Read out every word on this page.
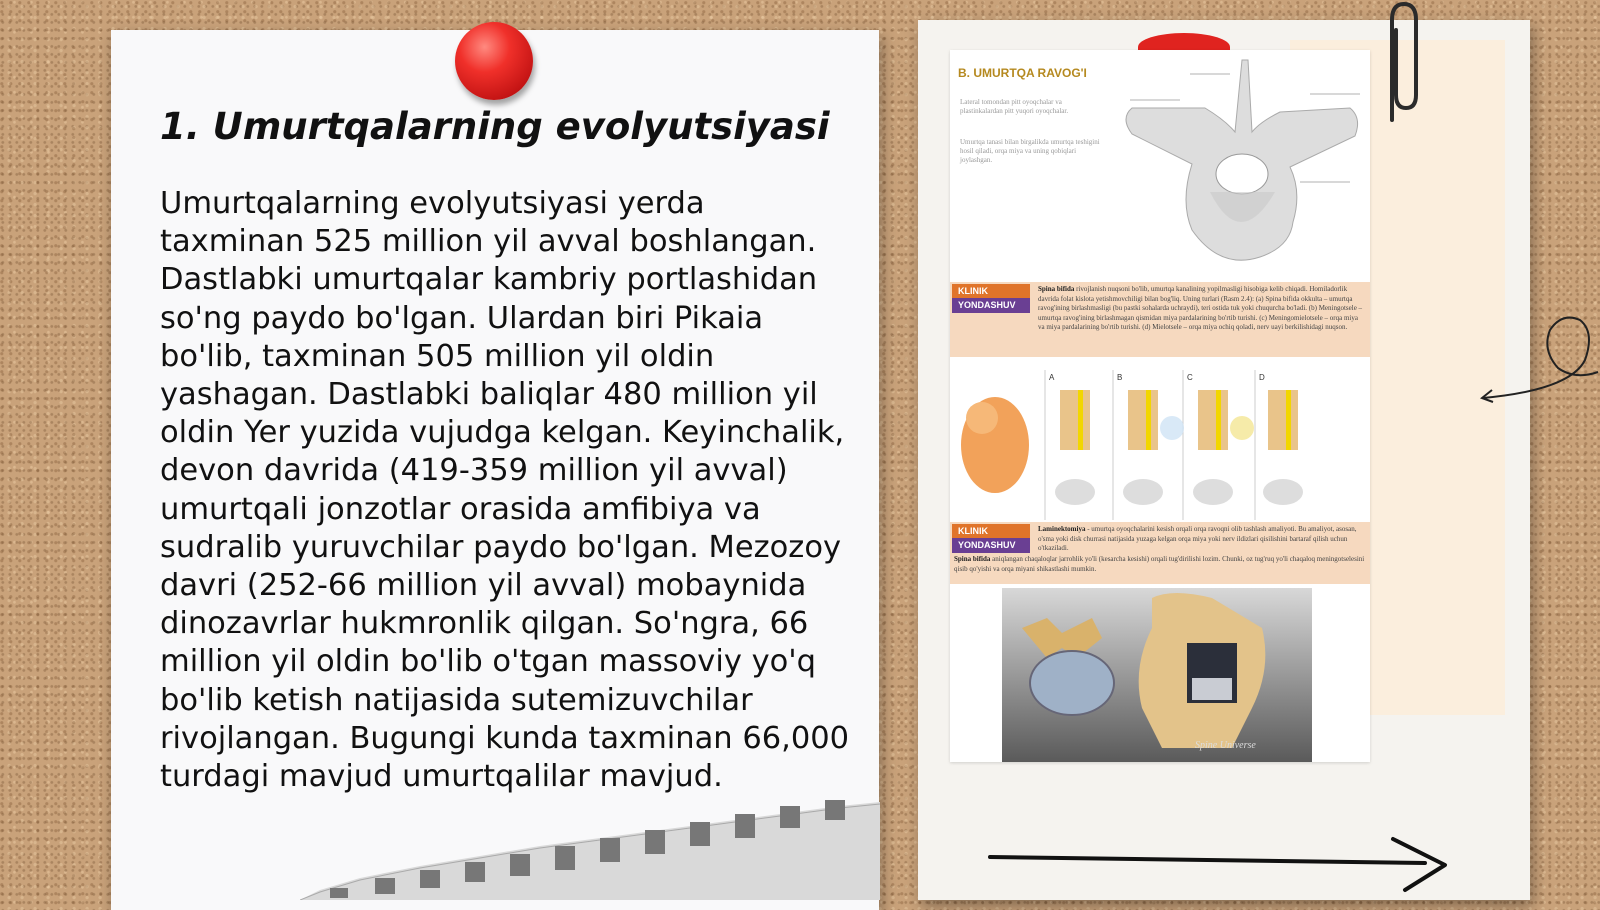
1. Umurtqalarning evolyutsiyasi

Umurtqalarning evolyutsiyasi yerda taxminan 525 million yil avval boshlangan. Dastlabki umurtqalar kambriy portlashidan so'ng paydo bo'lgan. Ulardan biri Pikaia bo'lib, taxminan 505 million yil oldin yashagan. Dastlabki baliqlar 480 million yil oldin Yer yuzida vujudga kelgan. Keyinchalik, devon davrida (419-359 million yil avval) umurtqali jonzotlar orasida amfibiya va sudralib yuruvchilar paydo bo'lgan. Mezozoy davri (252-66 million yil avval) mobaynida dinozavrlar hukmronlik qilgan. So'ngra, 66 million yil oldin bo'lib o'tgan massoviy yo'q bo'lib ketish natijasida sutemizuvchilar rivojlangan. Bugungi kunda taxminan 66,000 turdagi mavjud umurtqalilar mavjud.

B. UMURTQA RAVOG'I
Lateral tomondan pitt oyoqchalar va plastinkalardan pitt yuqori oyoqchalar.
Umurtqa tanasi bilan birgalikda umurtqa teshigini hosil qiladi, orqa miya va uning qobiqlari joylashgan.
KLINIK
YONDASHUV
Spina bifida rivojlanish nuqsoni bo'lib, umurtqa kanalining yopilmasligi hisobiga kelib chiqadi. Homiladorlik davrida folat kislota yetishmovchiligi bilan bog'liq. Uning turlari (Rasm 2.4): (a) Spina bifida okkulta – umurtqa ravog'ining birlashmasligi (bu pastki sohalarda uchraydi), teri ostida tuk yoki chuqurcha bo'ladi. (b) Meningotsele – umurtqa ravog'ining birlashmagan qismidan miya pardalarining bo'rtib turishi. (c) Meningomielotsele – orqa miya va miya pardalarining bo'rtib turishi. (d) Mielotsele – orqa miya ochiq qoladi, nerv uayi berkilishidagi nuqson.
A	B	C	D
KLINIK
YONDASHUV
Laminektomiya - umurtqa oyoqchalarini kesish orqali orqa ravoqni olib tashlash amaliyoti. Bu amaliyot, asosan, o'sma yoki disk churrasi natijasida yuzaga kelgan orqa miya yoki nerv ildizlari qisilishini bartaraf qilish uchun o'tkaziladi.
Spina bifida aniqlangan chaqaloqlar jarrohlik yo'li (kesarcha kesishi) orqali tug'dirilishi lozim. Chunki, oz tug'ruq yo'li chaqaloq meningotselesini qisib qo'yishi va orqa miyani shikastlashi mumkin.
Spine Universe
